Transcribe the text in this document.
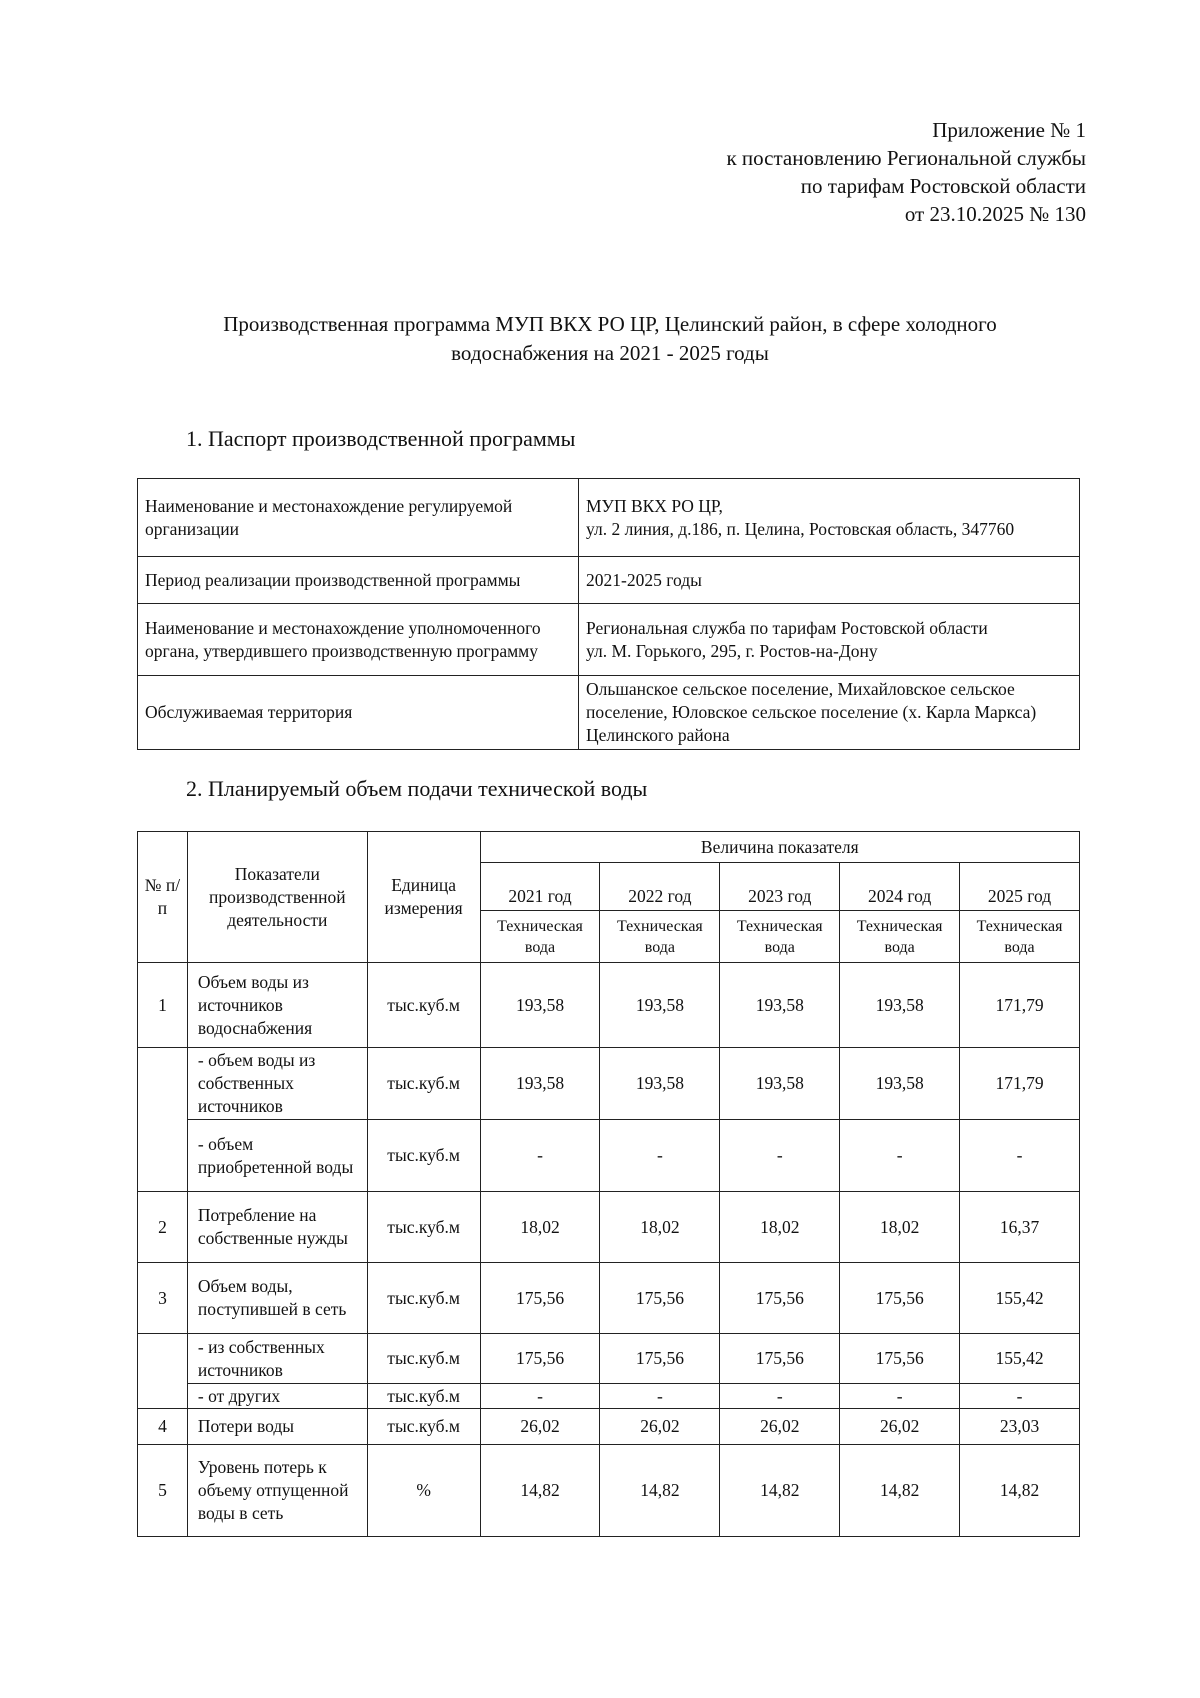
Приложение № 1
к постановлению Региональной службы
по тарифам Ростовской области
от 23.10.2025 № 130
Производственная программа МУП ВКХ РО ЦР, Целинский район, в сфере холодного
водоснабжения на 2021 - 2025 годы
1. Паспорт производственной программы
Наименование и местонахождение регулируемой организации	МУП ВКХ РО ЦР,
ул. 2 линия, д.186, п. Целина, Ростовская область, 347760

Период реализации производственной программы	2021-2025 годы

Наименование и местонахождение уполномоченного органа, утвердившего производственную программу	Региональная служба по тарифам Ростовской области
ул. М. Горького, 295, г. Ростов-на-Дону

Обслуживаемая территория	Ольшанское сельское поселение, Михайловское сельское поселение, Юловское сельское поселение (х. Карла Маркса) Целинского района
2. Планируемый объем подачи технической воды
№ п/п	Показатели производственной деятельности	Единица измерения	Величина показателя				
			2021 год	2022 год	2023 год	2024 год	2025 год
			Техническая вода	Техническая вода	Техническая вода	Техническая вода	Техническая вода
1	Объем воды из источников водоснабжения	тыс.куб.м	193,58	193,58	193,58	193,58	171,79
	- объем воды из собственных источников	тыс.куб.м	193,58	193,58	193,58	193,58	171,79
	- объем приобретенной воды	тыс.куб.м	-	-	-	-	-
2	Потребление на собственные нужды	тыс.куб.м	18,02	18,02	18,02	18,02	16,37
3	Объем воды, поступившей в сеть	тыс.куб.м	175,56	175,56	175,56	175,56	155,42
	- из собственных источников	тыс.куб.м	175,56	175,56	175,56	175,56	155,42
	- от других	тыс.куб.м	-	-	-	-	-
4	Потери воды	тыс.куб.м	26,02	26,02	26,02	26,02	23,03
5	Уровень потерь к объему отпущенной воды в сеть	%	14,82	14,82	14,82	14,82	14,82
